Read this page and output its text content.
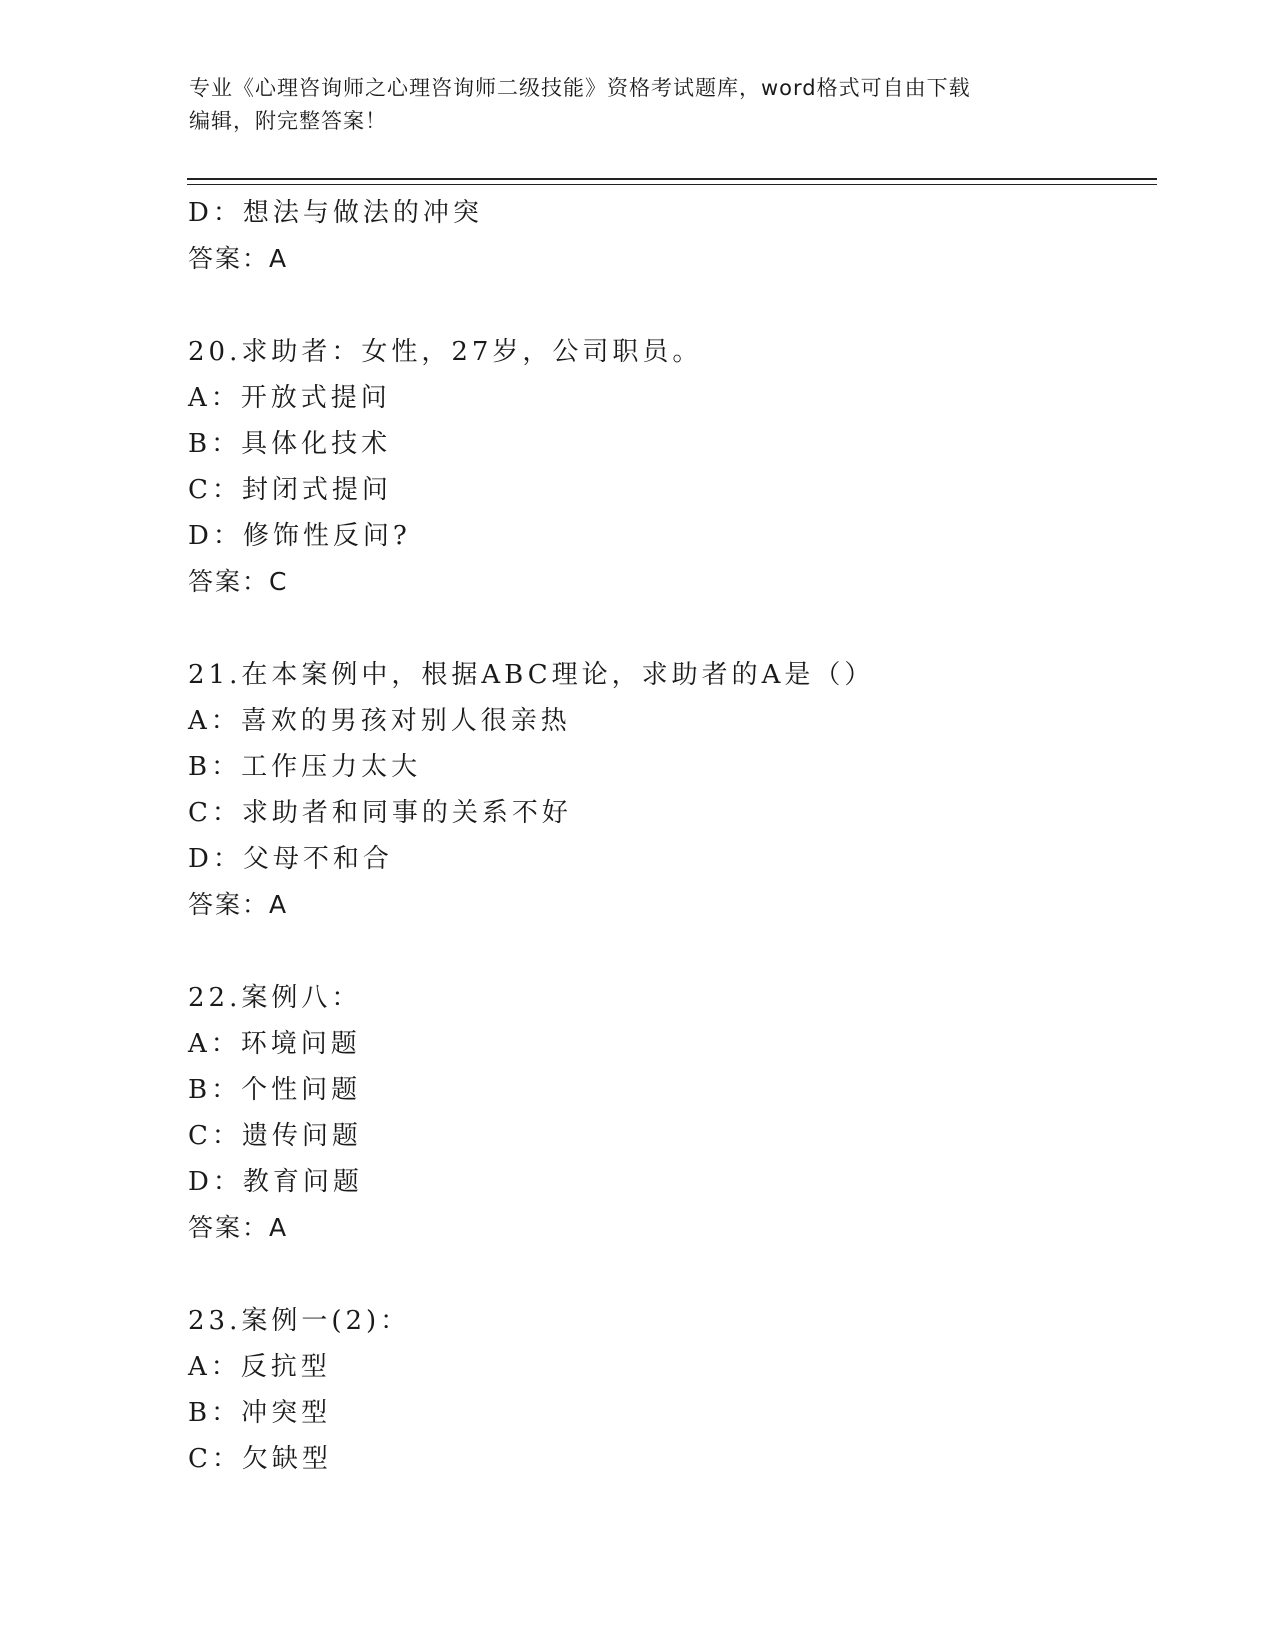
专业《心理咨询师之心理咨询师二级技能》资格考试题库，word格式可自由下载
编辑，附完整答案！
D：想法与做法的冲突
答案：A
20.求助者：女性，27岁，公司职员。
A：开放式提问
B：具体化技术
C：封闭式提问
D：修饰性反问?
答案：C
21.在本案例中，根据ABC理论，求助者的A是（）
A：喜欢的男孩对别人很亲热
B：工作压力太大
C：求助者和同事的关系不好
D：父母不和合
答案：A
22.案例八：
A：环境问题
B：个性问题
C：遗传问题
D：教育问题
答案：A
23.案例一(2)：
A：反抗型
B：冲突型
C：欠缺型
